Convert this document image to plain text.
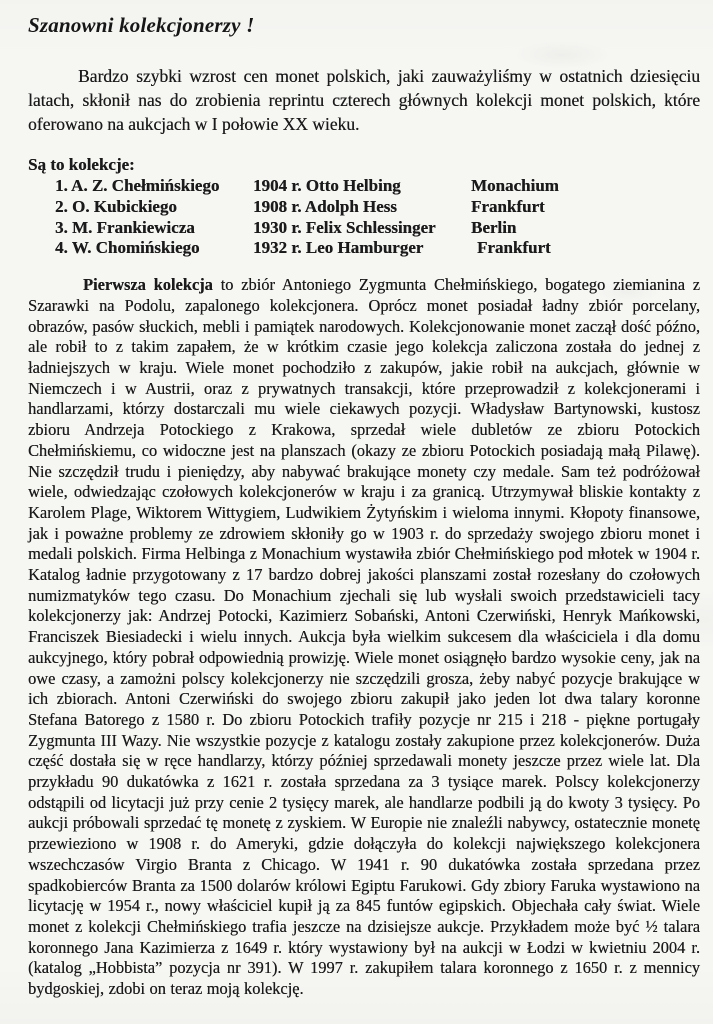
Szanowni kolekcjonerzy !

Bardzo szybki wzrost cen monet polskich, jaki zauważyliśmy w ostatnich dziesięciu latach, skłonił nas do zrobienia reprintu czterech głównych kolekcji monet polskich, które oferowano na aukcjach w I połowie XX wieku.

Są to kolekcje:

1. A. Z. Chełmińskiego	1904 r. Otto Helbing	Monachium
2. O. Kubickiego	1908 r. Adolph Hess	Frankfurt
3. M. Frankiewicza	1930 r. Felix Schlessinger	Berlin
4. W. Chomińskiego	1932 r. Leo Hamburger	Frankfurt

Pierwsza kolekcja to zbiór Antoniego Zygmunta Chełmińskiego, bogatego ziemianina z Szarawki na Podolu, zapalonego kolekcjonera. Oprócz monet posiadał ładny zbiór porcelany, obrazów, pasów słuckich, mebli i pamiątek narodowych. Kolekcjonowanie monet zaczął dość późno, ale robił to z takim zapałem, że w krótkim czasie jego kolekcja zaliczona została do jednej z ładniejszych w kraju. Wiele monet pochodziło z zakupów, jakie robił na aukcjach, głównie w Niemczech i w Austrii, oraz z prywatnych transakcji, które przeprowadził z kolekcjonerami i handlarzami, którzy dostarczali mu wiele ciekawych pozycji. Władysław Bartynowski, kustosz zbioru Andrzeja Potockiego z Krakowa, sprzedał wiele dubletów ze zbioru Potockich Chełmińskiemu, co widoczne jest na planszach (okazy ze zbioru Potockich posiadają małą Pilawę). Nie szczędził trudu i pieniędzy, aby nabywać brakujące monety czy medale. Sam też podróżował wiele, odwiedzając czołowych kolekcjonerów w kraju i za granicą. Utrzymywał bliskie kontakty z Karolem Plage, Wiktorem Wittygiem, Ludwikiem Żytyńskim i wieloma innymi. Kłopoty finansowe, jak i poważne problemy ze zdrowiem skłoniły go w 1903 r. do sprzedaży swojego zbioru monet i medali polskich. Firma Helbinga z Monachium wystawiła zbiór Chełmińskiego pod młotek w 1904 r. Katalog ładnie przygotowany z 17 bardzo dobrej jakości planszami został rozesłany do czołowych numizmatyków tego czasu. Do Monachium zjechali się lub wysłali swoich przedstawicieli tacy kolekcjonerzy jak: Andrzej Potocki, Kazimierz Sobański, Antoni Czerwiński, Henryk Mańkowski, Franciszek Biesiadecki i wielu innych. Aukcja była wielkim sukcesem dla właściciela i dla domu aukcyjnego, który pobrał odpowiednią prowizję. Wiele monet osiągnęło bardzo wysokie ceny, jak na owe czasy, a zamożni polscy kolekcjonerzy nie szczędzili grosza, żeby nabyć pozycje brakujące w ich zbiorach. Antoni Czerwiński do swojego zbioru zakupił jako jeden lot dwa talary koronne Stefana Batorego z 1580 r. Do zbioru Potockich trafiły pozycje nr 215 i 218 - piękne portugały Zygmunta III Wazy. Nie wszystkie pozycje z katalogu zostały zakupione przez kolekcjonerów. Duża część dostała się w ręce handlarzy, którzy później sprzedawali monety jeszcze przez wiele lat. Dla przykładu 90 dukatówka z 1621 r. została sprzedana za 3 tysiące marek. Polscy kolekcjonerzy odstąpili od licytacji już przy cenie 2 tysięcy marek, ale handlarze podbili ją do kwoty 3 tysięcy. Po aukcji próbowali sprzedać tę monetę z zyskiem. W Europie nie znaleźli nabywcy, ostatecznie monetę przewieziono w 1908 r. do Ameryki, gdzie dołączyła do kolekcji największego kolekcjonera wszechczasów Virgio Branta z Chicago. W 1941 r. 90 dukatówka została sprzedana przez spadkobierców Branta za 1500 dolarów królowi Egiptu Farukowi. Gdy zbiory Faruka wystawiono na licytację w 1954 r., nowy właściciel kupił ją za 845 funtów egipskich. Objechała cały świat. Wiele monet z kolekcji Chełmińskiego trafia jeszcze na dzisiejsze aukcje. Przykładem może być ½ talara koronnego Jana Kazimierza z 1649 r. który wystawiony był na aukcji w Łodzi w kwietniu 2004 r.(katalog „Hobbista” pozycja nr 391). W 1997 r. zakupiłem talara koronnego z 1650 r. z mennicy bydgoskiej, zdobi on teraz moją kolekcję.
